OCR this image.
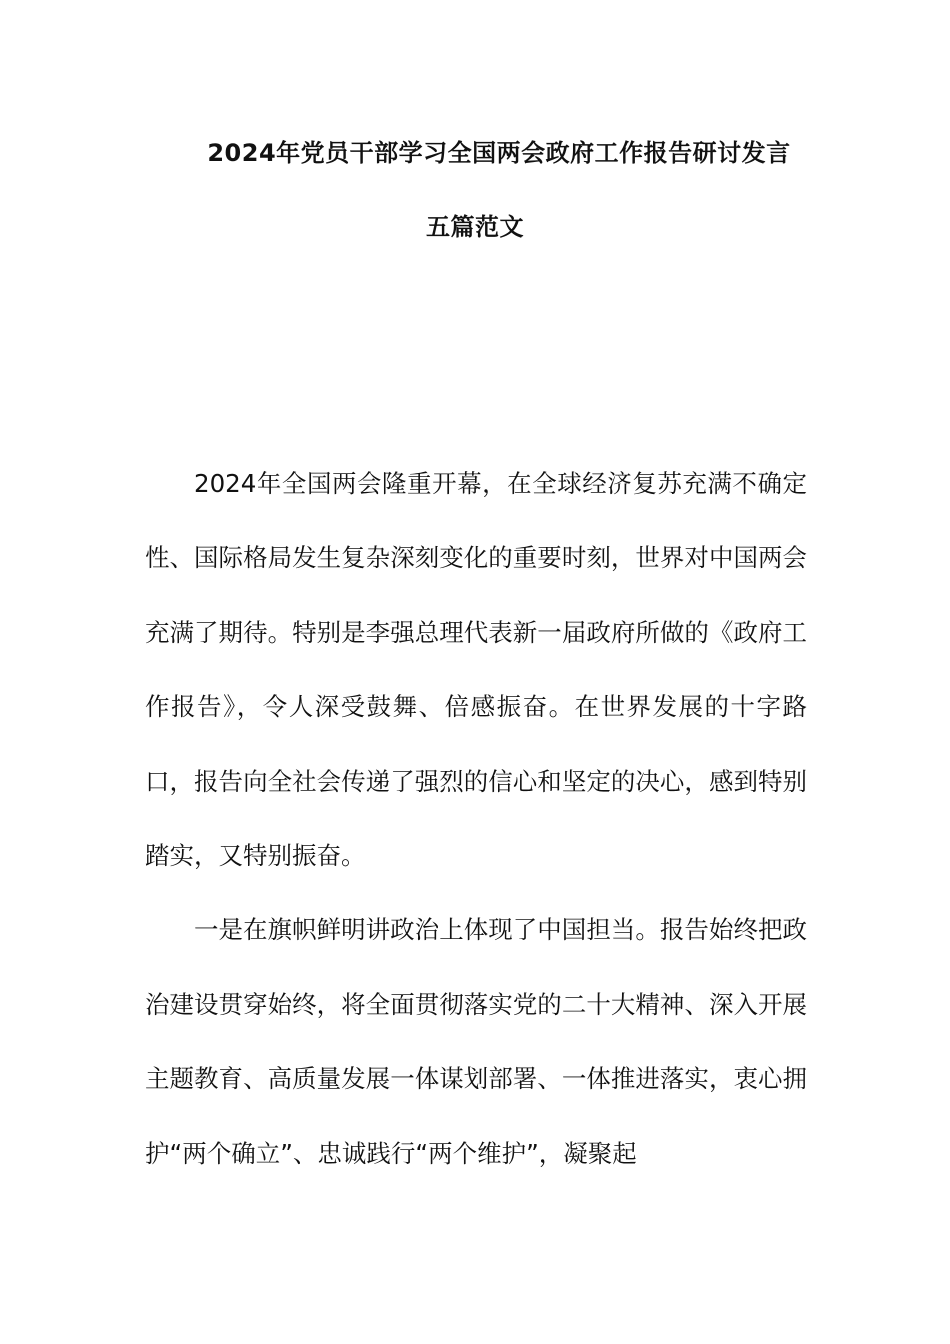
2024年党员干部学习全国两会政府工作报告研讨发言
五篇范文

2024年全国两会隆重开幕，在全球经济复苏充满不确定性、国际格局发生复杂深刻变化的重要时刻，世界对中国两会充满了期待。特别是李强总理代表新一届政府所做的《政府工作报告》，令人深受鼓舞、倍感振奋。在世界发展的十字路口，报告向全社会传递了强烈的信心和坚定的决心，感到特别踏实，又特别振奋。

一是在旗帜鲜明讲政治上体现了中国担当。报告始终把政治建设贯穿始终，将全面贯彻落实党的二十大精神、深入开展主题教育、高质量发展一体谋划部署、一体推进落实，衷心拥护“两个确立”、忠诚践行“两个维护”，凝聚起
